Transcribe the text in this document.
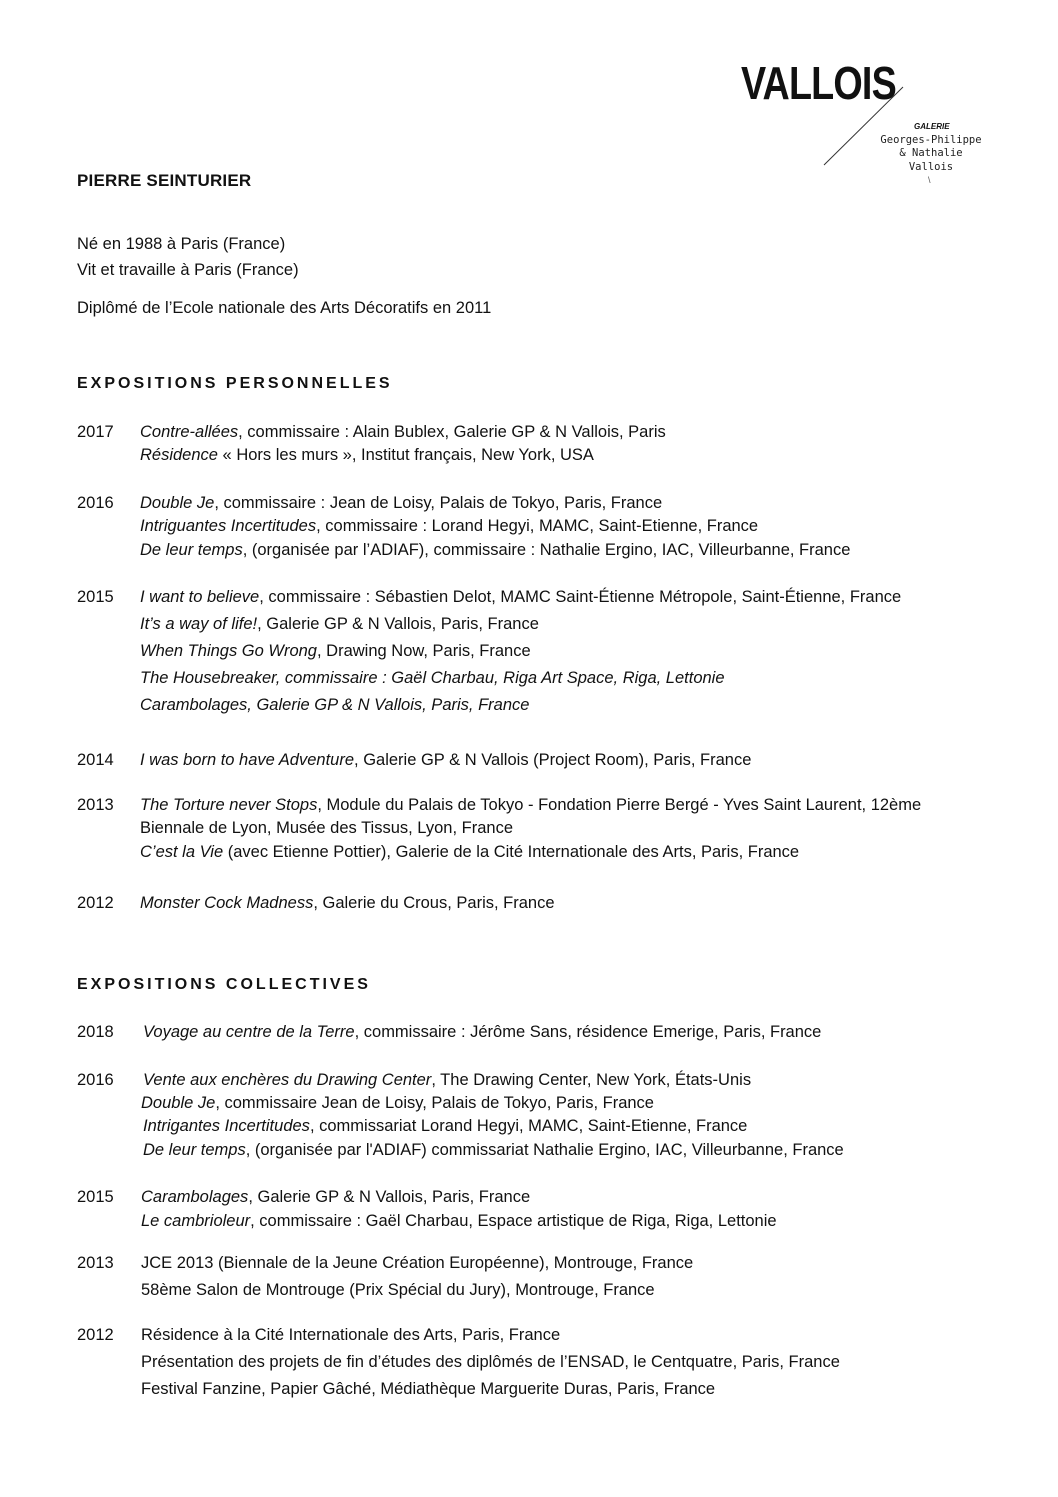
VALLOIS
GALERIE
Georges-Philippe
& Nathalie
Vallois
\
PIERRE SEINTURIER
Né en 1988 à Paris (France)
Vit et travaille à Paris (France)
Diplômé de l’Ecole nationale des Arts Décoratifs en 2011
EXPOSITIONS PERSONNELLES
2017 Contre-allées, commissaire : Alain Bublex, Galerie GP & N Vallois, Paris
Résidence « Hors les murs », Institut français, New York, USA
2016 Double Je, commissaire : Jean de Loisy, Palais de Tokyo, Paris, France
Intriguantes Incertitudes, commissaire : Lorand Hegyi, MAMC, Saint-Etienne, France
De leur temps, (organisée par l’ADIAF), commissaire : Nathalie Ergino, IAC, Villeurbanne, France
2015 I want to believe, commissaire : Sébastien Delot, MAMC Saint-Étienne Métropole, Saint-Étienne, France
It’s a way of life!, Galerie GP & N Vallois, Paris, France
When Things Go Wrong, Drawing Now, Paris, France
The Housebreaker, commissaire : Gaël Charbau, Riga Art Space, Riga, Lettonie
Carambolages, Galerie GP & N Vallois, Paris, France
2014 I was born to have Adventure, Galerie GP & N Vallois (Project Room), Paris, France
2013 The Torture never Stops, Module du Palais de Tokyo - Fondation Pierre Bergé - Yves Saint Laurent, 12ème
Biennale de Lyon, Musée des Tissus, Lyon, France
C’est la Vie (avec Etienne Pottier), Galerie de la Cité Internationale des Arts, Paris, France
2012 Monster Cock Madness, Galerie du Crous, Paris, France
EXPOSITIONS COLLECTIVES
2018 Voyage au centre de la Terre, commissaire : Jérôme Sans, résidence Emerige, Paris, France
2016 Vente aux enchères du Drawing Center, The Drawing Center, New York, États-Unis
Double Je, commissaire Jean de Loisy, Palais de Tokyo, Paris, France
Intrigantes Incertitudes, commissariat Lorand Hegyi, MAMC, Saint-Etienne, France
De leur temps, (organisée par l'ADIAF) commissariat Nathalie Ergino, IAC, Villeurbanne, France
2015 Carambolages, Galerie GP & N Vallois, Paris, France
Le cambrioleur, commissaire : Gaël Charbau, Espace artistique de Riga, Riga, Lettonie
2013 JCE 2013 (Biennale de la Jeune Création Européenne), Montrouge, France
58ème Salon de Montrouge (Prix Spécial du Jury), Montrouge, France
2012 Résidence à la Cité Internationale des Arts, Paris, France
Présentation des projets de fin d’études des diplômés de l’ENSAD, le Centquatre, Paris, France
Festival Fanzine, Papier Gâché, Médiathèque Marguerite Duras, Paris, France
